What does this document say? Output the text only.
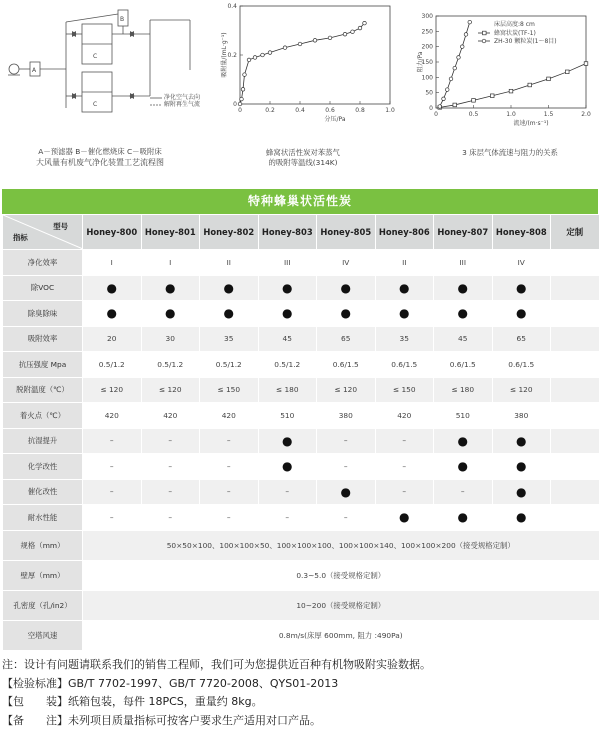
A
B
C
C
净化空气去向
解附再生气流
A－预滤器 B－催化燃烧床 C－吸附床
大风量有机废气净化装置工艺流程图
0	0.2	0.4	0.6	0.8	1.0
0
0.2
0.4
分压/Pa
吸附量/(mL·g⁻¹)
蜂窝状活性炭对苯蒸气
的吸附等温线(314K)
0	0.5	1.0	1.5	2.0
0
50
100
150
200
250
300
流速/(m·s⁻¹)
阻力/Pa
床层高度:8 cm
蜂窝状炭(TF-1)
ZH-30 颗粒炭(1～8目)
3 床层气体流速与阻力的关系
特种蜂巢状活性炭
型号
指标	Honey-800	Honey-801	Honey-802	Honey-803	Honey-805	Honey-806	Honey-807	Honey-808	定制
净化效率	I	I	II	III	IV	II	III	IV	
除VOC	●	●	●	●	●	●	●	●	
除臭除味	●	●	●	●	●	●	●	●	
吸附效率	20	30	35	45	65	35	45	65	
抗压强度 Mpa	0.5/1.2	0.5/1.2	0.5/1.2	0.5/1.2	0.6/1.5	0.6/1.5	0.6/1.5	0.6/1.5	
脱附温度（℃）	≤ 120	≤ 120	≤ 150	≤ 180	≤ 120	≤ 150	≤ 180	≤ 120	
着火点（℃）	420	420	420	510	380	420	510	380	
抗湿提升	–	–	–	●	–	–	●	●	
化学改性	–	–	–	●	–	–	●	●	
催化改性	–	–	–	–	●	–	–	●	
耐水性能	–	–	–	–	–	●	●	●	
规格（mm）	50×50×100、100×100×50、100×100×100、100×100×140、100×100×200（接受规格定制）								
壁厚（mm）	0.3~5.0（接受规格定制）								
孔密度（孔/in2）	10~200（接受规格定制）								
空塔风速	0.8m/s(床厚 600mm, 阻力 :490Pa)								
注：设计有问题请联系我们的销售工程师，我们可为您提供近百种有机物吸附实验数据。
【检验标准】GB/T 7702-1997、GB/T 7720-2008、QYS01-2013
【包　　装】纸箱包装，每件 18PCS，重量约 8kg。
【备　　注】未列项目质量指标可按客户要求生产适用对口产品。
